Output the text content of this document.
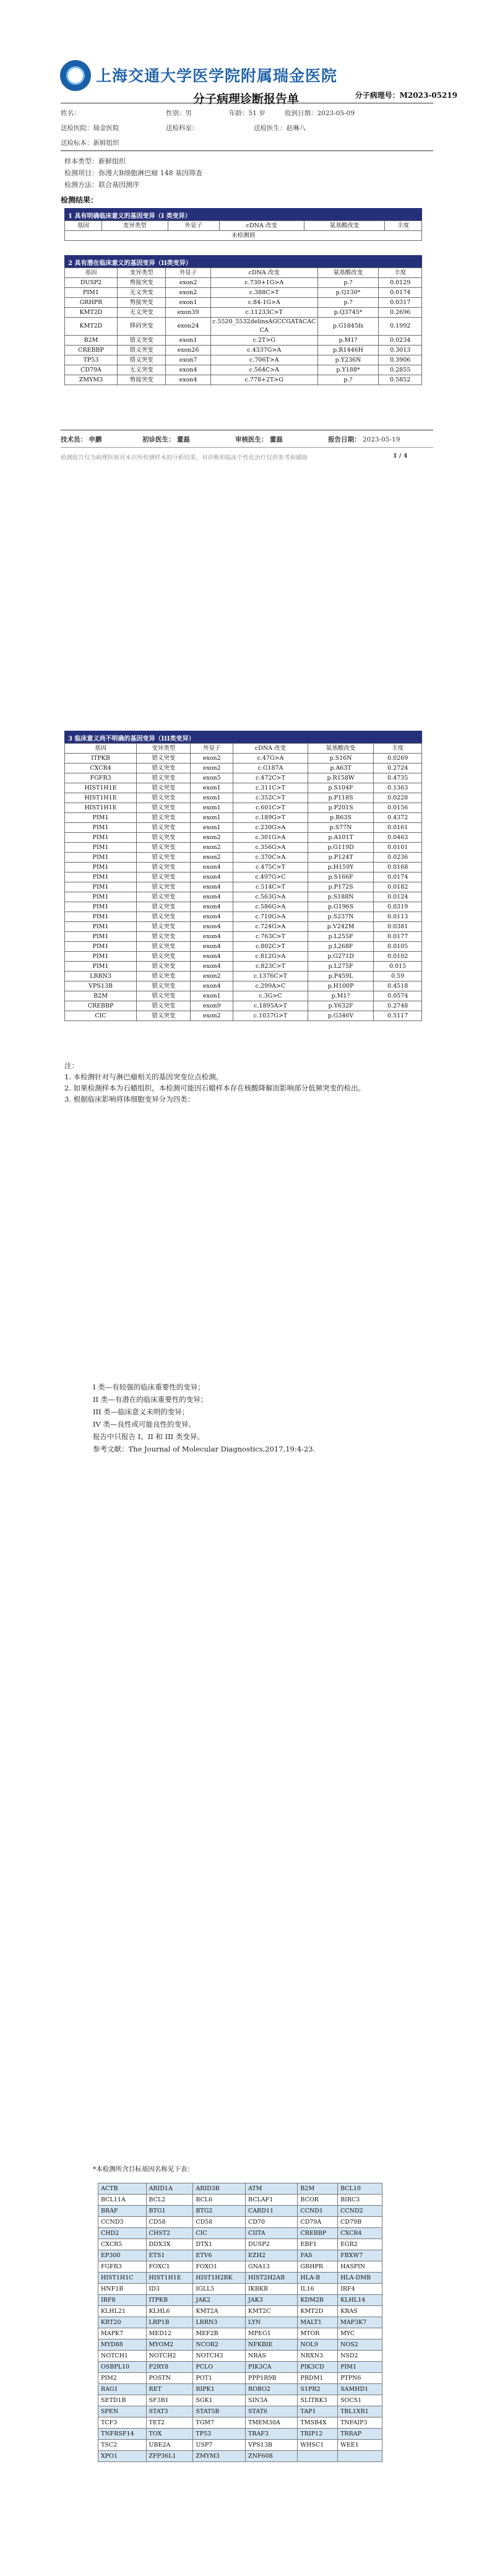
上海交通大学医学院附属瑞金医院
分子病理诊断报告单	分子病理号：M2023-05219
姓名：	性别：男	年龄：51 岁	收到日期：2023-05-09
送检医院：瑞金医院	送检科室：	送检医生：赵琳八
送检标本：新鲜组织
样本类型：新鲜组织
检测项目：弥漫大B细胞淋巴瘤 148 基因筛查
检测方法：联合基因测序
检测结果：
1 具有明确临床意义的基因变异（I 类变异）
基因	变异类型	外显子	cDNA 改变	氨基酸改变	丰度
未检测到
2 具有潜在临床意义的基因变异（II类变异）
基因	变异类型	外显子	cDNA 改变	氨基酸改变	丰度
DUSP2	剪接突变	exon2	c.730+1G>A	p.?	0.0129
PIM1	无义突变	exon2	c.388C>T	p.Q130*	0.0174
GRHPR	剪接突变	exon1	c.84-1G>A	p.?	0.0317
KMT2D	无义突变	exon39	c.11233C>T	p.Q3745*	0.2696
KMT2D	移码突变	exon24	c.5520_5532delinsAGCCGATACACCA	p.G1845fs	0.1992
B2M	错义突变	exon1	c.2T>G	p.M1?	0.0234
CREBBP	错义突变	exon26	c.4337G>A	p.R1446H	0.3013
TP53	错义突变	exon7	c.706T>A	p.Y236N	0.3906
CD79A	无义突变	exon4	c.564C>A	p.Y188*	0.2855
ZMYM3	剪接突变	exon4	c.778+2T>G	p.?	0.5852
技术员： 申鹏	初诊医生： 董磊	审核医生： 董磊	报告日期： 2023-05-19
检测报告仅为病理医师对本次所检测样本的分析结果，对诊断和临床个性化治疗仅供参考和辅助	1 / 4
3 临床意义尚不明确的基因变异（III类变异）
基因	变异类型	外显子	cDNA 改变	氨基酸改变	丰度
ITPKB	错义突变	exon2	c.47G>A	p.S16N	0.0269
CXCR4	错义突变	exon2	c.G187A	p.A63T	0.2724
FGFR3	错义突变	exon5	c.472C>T	p.R158W	0.4735
HIST1H1E	错义突变	exon1	c.311C>T	p.S104F	0.1363
HIST1H1E	错义突变	exon1	c.352C>T	p.P118S	0.0228
HIST1H1E	错义突变	exon1	c.601C>T	p.P201S	0.0156
PIM1	错义突变	exon1	c.189G>T	p.R63S	0.4372
PIM1	错义突变	exon1	c.230G>A	p.S77N	0.0161
PIM1	错义突变	exon2	c.301G>A	p.A101T	0.0463
PIM1	错义突变	exon2	c.356G>A	p.G119D	0.0101
PIM1	错义突变	exon2	c.370C>A	p.P124T	0.0236
PIM1	错义突变	exon4	c.475C>T	p.H159Y	0.0168
PIM1	错义突变	exon4	c.497G>C	p.S166F	0.0174
PIM1	错义突变	exon4	c.514C>T	p.P172S	0.0182
PIM1	错义突变	exon4	c.563G>A	p.S188N	0.0124
PIM1	错义突变	exon4	c.586G>A	p.G196S	0.0319
PIM1	错义突变	exon4	c.710G>A	p.S237N	0.0113
PIM1	错义突变	exon4	c.724G>A	p.V242M	0.0381
PIM1	错义突变	exon4	c.763C>T	p.L255F	0.0177
PIM1	错义突变	exon4	c.802C>T	p.L268F	0.0105
PIM1	错义突变	exon4	c.812G>A	p.G271D	0.0102
PIM1	错义突变	exon4	c.823C>T	p.L275F	0.015
LRRN3	错义突变	exon2	c.1376C>T	p.P459L	0.59
VPS13B	错义突变	exon4	c.299A>C	p.H100P	0.4518
B2M	错义突变	exon1	c.3G>C	p.M1?	0.0574
CREBBP	错义突变	exon9	c.1895A>T	p.Y632F	0.2748
CIC	错义突变	exon2	c.1037G>T	p.G346V	0.5117
注：
1. 本检测针对与淋巴瘤相关的基因突变位点检测。
2. 如果检测样本为石蜡组织，本检测可能因石蜡样本存在核酸降解而影响部分低频突变的检出。
3. 根据临床影响将体细胞变异分为四类：
I 类—有较强的临床重要性的变异；
II 类—有潜在的临床重要性的变异；
III 类—临床意义未明的变异；
IV 类—良性或可能良性的变异。
报告中只报告 I、II 和 III 类变异。
参考文献：The Journal of Molecular Diagnostics,2017,19:4-23.
*本检测所含目标基因名称见下表：
ACTB	ARID1A	ARID3B	ATM	B2M	BCL10
BCL11A	BCL2	BCL6	BCLAF1	BCOR	BIRC3
BRAF	BTG1	BTG2	CARD11	CCND1	CCND2
CCND3	CD58	CD58	CD70	CD79A	CD79B
CHD2	CHST2	CIC	CIITA	CREBBP	CXCR4
CXCR5	DDX3X	DTX1	DUSP2	EBF1	EGR2
EP300	ETS1	ETV6	EZH2	FAS	FBXW7
FGFR3	FOXC1	FOXO1	GNA13	GRHPR	HASPIN
HIST1H1C	HIST1H1E	HIST1H2BK	HIST2H2AB	HLA-B	HLA-DMB
HNF1B	ID3	IGLL5	IKBKB	IL16	IRF4
IRF8	ITPKB	JAK2	JAK3	KDM2B	KLHL14
KLHL21	KLHL6	KMT2A	KMT2C	KMT2D	KRAS
KRT20	LRP1B	LRRN3	LYN	MALT1	MAP3K7
MAPK7	MED12	MEF2B	MPEG1	MTOR	MYC
MYD88	MYOM2	NCOR2	NFKBIE	NOL9	NOS2
NOTCH1	NOTCH2	NOTCH3	NRAS	NRXN3	NSD2
OSBPL10	P2RY8	PCLO	PIK3CA	PIK3CD	PIM1
PIM2	POSTN	POT1	PPP1R9B	PRDM1	PTPN6
RAG1	RET	RIPK1	ROBO2	S1PR2	SAMHD1
SETD1B	SF3B1	SGK1	SIN3A	SLITRK3	SOCS1
SPEN	STAT3	STAT5B	STAT6	TAP1	TBL1XR1
TCF3	TET2	TGM7	TMEM30A	TMSB4X	TNFAIP3
TNFRSF14	TOX	TP53	TRAF3	TRIP12	TRRAP
TSC2	UBE2A	USP7	VPS13B	WHSC1	WEE1
XPO1	ZFP36L1	ZMYM3	ZNF608		
